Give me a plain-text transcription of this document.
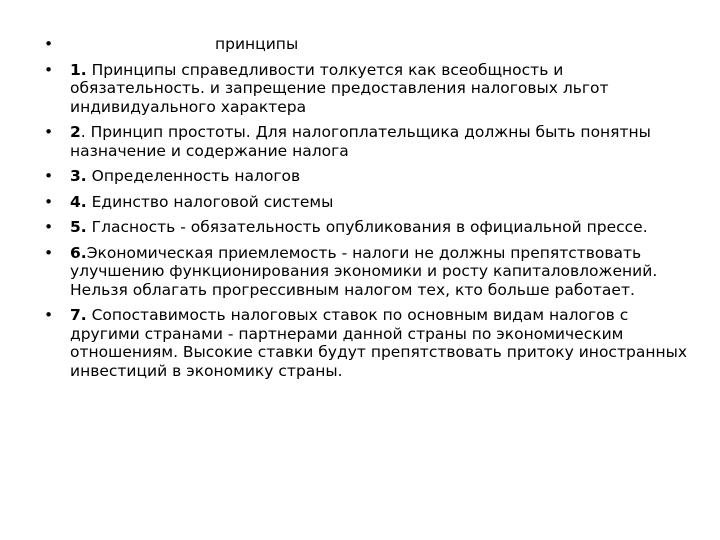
•	принципы
• 1. Принципы справедливости толкуется как всеобщность и обязательность. и запрещение предоставления налоговых льгот индивидуального характера
• 2. Принцип простоты. Для налогоплательщика должны быть понятны назначение и содержание налога
• 3. Определенность налогов
• 4. Единство налоговой системы
• 5. Гласность - обязательность опубликования в официальной прессе.
• 6.Экономическая приемлемость - налоги не должны препятствовать улучшению функционирования экономики и росту капиталовложений. Нельзя облагать прогрессивным налогом тех, кто больше работает.
• 7. Сопоставимость налоговых ставок по основным видам налогов с другими странами - партнерами данной страны по экономическим отношениям. Высокие ставки будут препятствовать притоку иностранных инвестиций в экономику страны.
